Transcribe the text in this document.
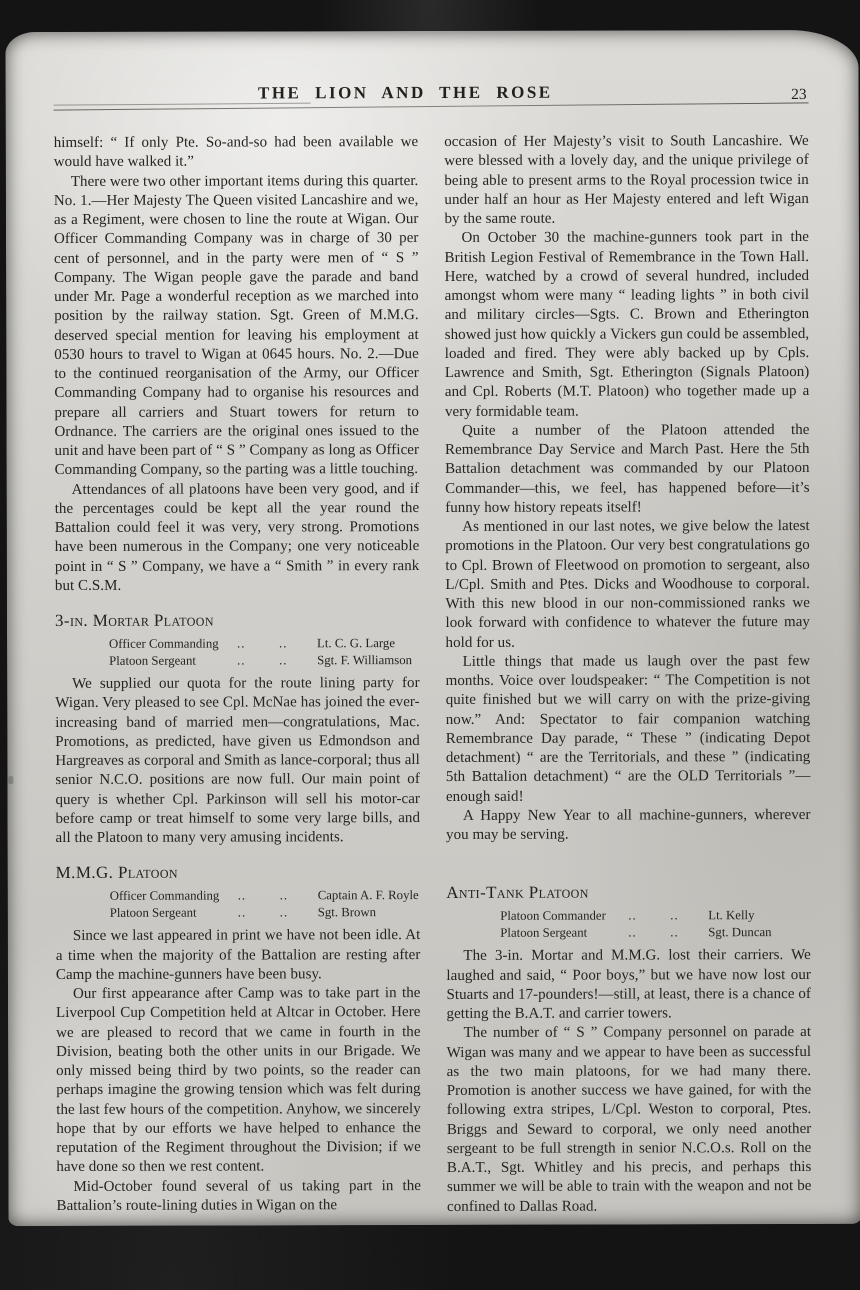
THE LION AND THE ROSE	23

himself: “ If only Pte. So-and-so had been available we would have walked it.”

There were two other important items during this quarter. No. 1.—Her Majesty The Queen visited Lancashire and we, as a Regiment, were chosen to line the route at Wigan. Our Officer Commanding Company was in charge of 30 per cent of personnel, and in the party were men of “ S ” Company. The Wigan people gave the parade and band under Mr. Page a wonderful reception as we marched into position by the railway station. Sgt. Green of M.M.G. deserved special mention for leaving his employment at 0530 hours to travel to Wigan at 0645 hours. No. 2.—Due to the continued reorganisation of the Army, our Officer Commanding Company had to organise his resources and prepare all carriers and Stuart towers for return to Ordnance. The carriers are the original ones issued to the unit and have been part of “ S ” Company as long as Officer Commanding Company, so the parting was a little touching.

Attendances of all platoons have been very good, and if the percentages could be kept all the year round the Battalion could feel it was very, very strong. Promotions have been numerous in the Company; one very noticeable point in “ S ” Company, we have a “ Smith ” in every rank but C.S.M.

3-in. Mortar Platoon
Officer Commanding	..        ..	Lt. C. G. Large
Platoon Sergeant	..        ..	Sgt. F. Williamson

We supplied our quota for the route lining party for Wigan. Very pleased to see Cpl. McNae has joined the ever-increasing band of married men—congratulations, Mac. Promotions, as predicted, have given us Edmondson and Hargreaves as corporal and Smith as lance-corporal; thus all senior N.C.O. positions are now full. Our main point of query is whether Cpl. Parkinson will sell his motor-car before camp or treat himself to some very large bills, and all the Platoon to many very amusing incidents.

M.M.G. Platoon
Officer Commanding	..        ..	Captain A. F. Royle
Platoon Sergeant	..        ..	Sgt. Brown

Since we last appeared in print we have not been idle. At a time when the majority of the Battalion are resting after Camp the machine-gunners have been busy.

Our first appearance after Camp was to take part in the Liverpool Cup Competition held at Altcar in October. Here we are pleased to record that we came in fourth in the Division, beating both the other units in our Brigade. We only missed being third by two points, so the reader can perhaps imagine the growing tension which was felt during the last few hours of the competition. Anyhow, we sincerely hope that by our efforts we have helped to enhance the reputation of the Regiment throughout the Division; if we have done so then we rest content.

Mid-October found several of us taking part in the Battalion’s route-lining duties in Wigan on the

occasion of Her Majesty’s visit to South Lancashire. We were blessed with a lovely day, and the unique privilege of being able to present arms to the Royal procession twice in under half an hour as Her Majesty entered and left Wigan by the same route.

On October 30 the machine-gunners took part in the British Legion Festival of Remembrance in the Town Hall. Here, watched by a crowd of several hundred, included amongst whom were many “ leading lights ” in both civil and military circles—Sgts. C. Brown and Etherington showed just how quickly a Vickers gun could be assembled, loaded and fired. They were ably backed up by Cpls. Lawrence and Smith, Sgt. Etherington (Signals Platoon) and Cpl. Roberts (M.T. Platoon) who together made up a very formidable team.

Quite a number of the Platoon attended the Remembrance Day Service and March Past. Here the 5th Battalion detachment was commanded by our Platoon Commander—this, we feel, has happened before—it’s funny how history repeats itself!

As mentioned in our last notes, we give below the latest promotions in the Platoon. Our very best congratulations go to Cpl. Brown of Fleetwood on promotion to sergeant, also L/Cpl. Smith and Ptes. Dicks and Woodhouse to corporal. With this new blood in our non-commissioned ranks we look forward with confidence to whatever the future may hold for us.

Little things that made us laugh over the past few months. Voice over loudspeaker: “ The Competition is not quite finished but we will carry on with the prize-giving now.” And: Spectator to fair companion watching Remembrance Day parade, “ These ” (indicating Depot detachment) “ are the Territorials, and these ” (indicating 5th Battalion detachment) “ are the OLD Territorials ”—enough said!

A Happy New Year to all machine-gunners, wherever you may be serving.

Anti-Tank Platoon
Platoon Commander	..        ..	Lt. Kelly
Platoon Sergeant	..        ..	Sgt. Duncan

The 3-in. Mortar and M.M.G. lost their carriers. We laughed and said, “ Poor boys,” but we have now lost our Stuarts and 17-pounders!—still, at least, there is a chance of getting the B.A.T. and carrier towers.

The number of “ S ” Company personnel on parade at Wigan was many and we appear to have been as successful as the two main platoons, for we had many there. Promotion is another success we have gained, for with the following extra stripes, L/Cpl. Weston to corporal, Ptes. Briggs and Seward to corporal, we only need another sergeant to be full strength in senior N.C.O.s. Roll on the B.A.T., Sgt. Whitley and his precis, and perhaps this summer we will be able to train with the weapon and not be confined to Dallas Road.
